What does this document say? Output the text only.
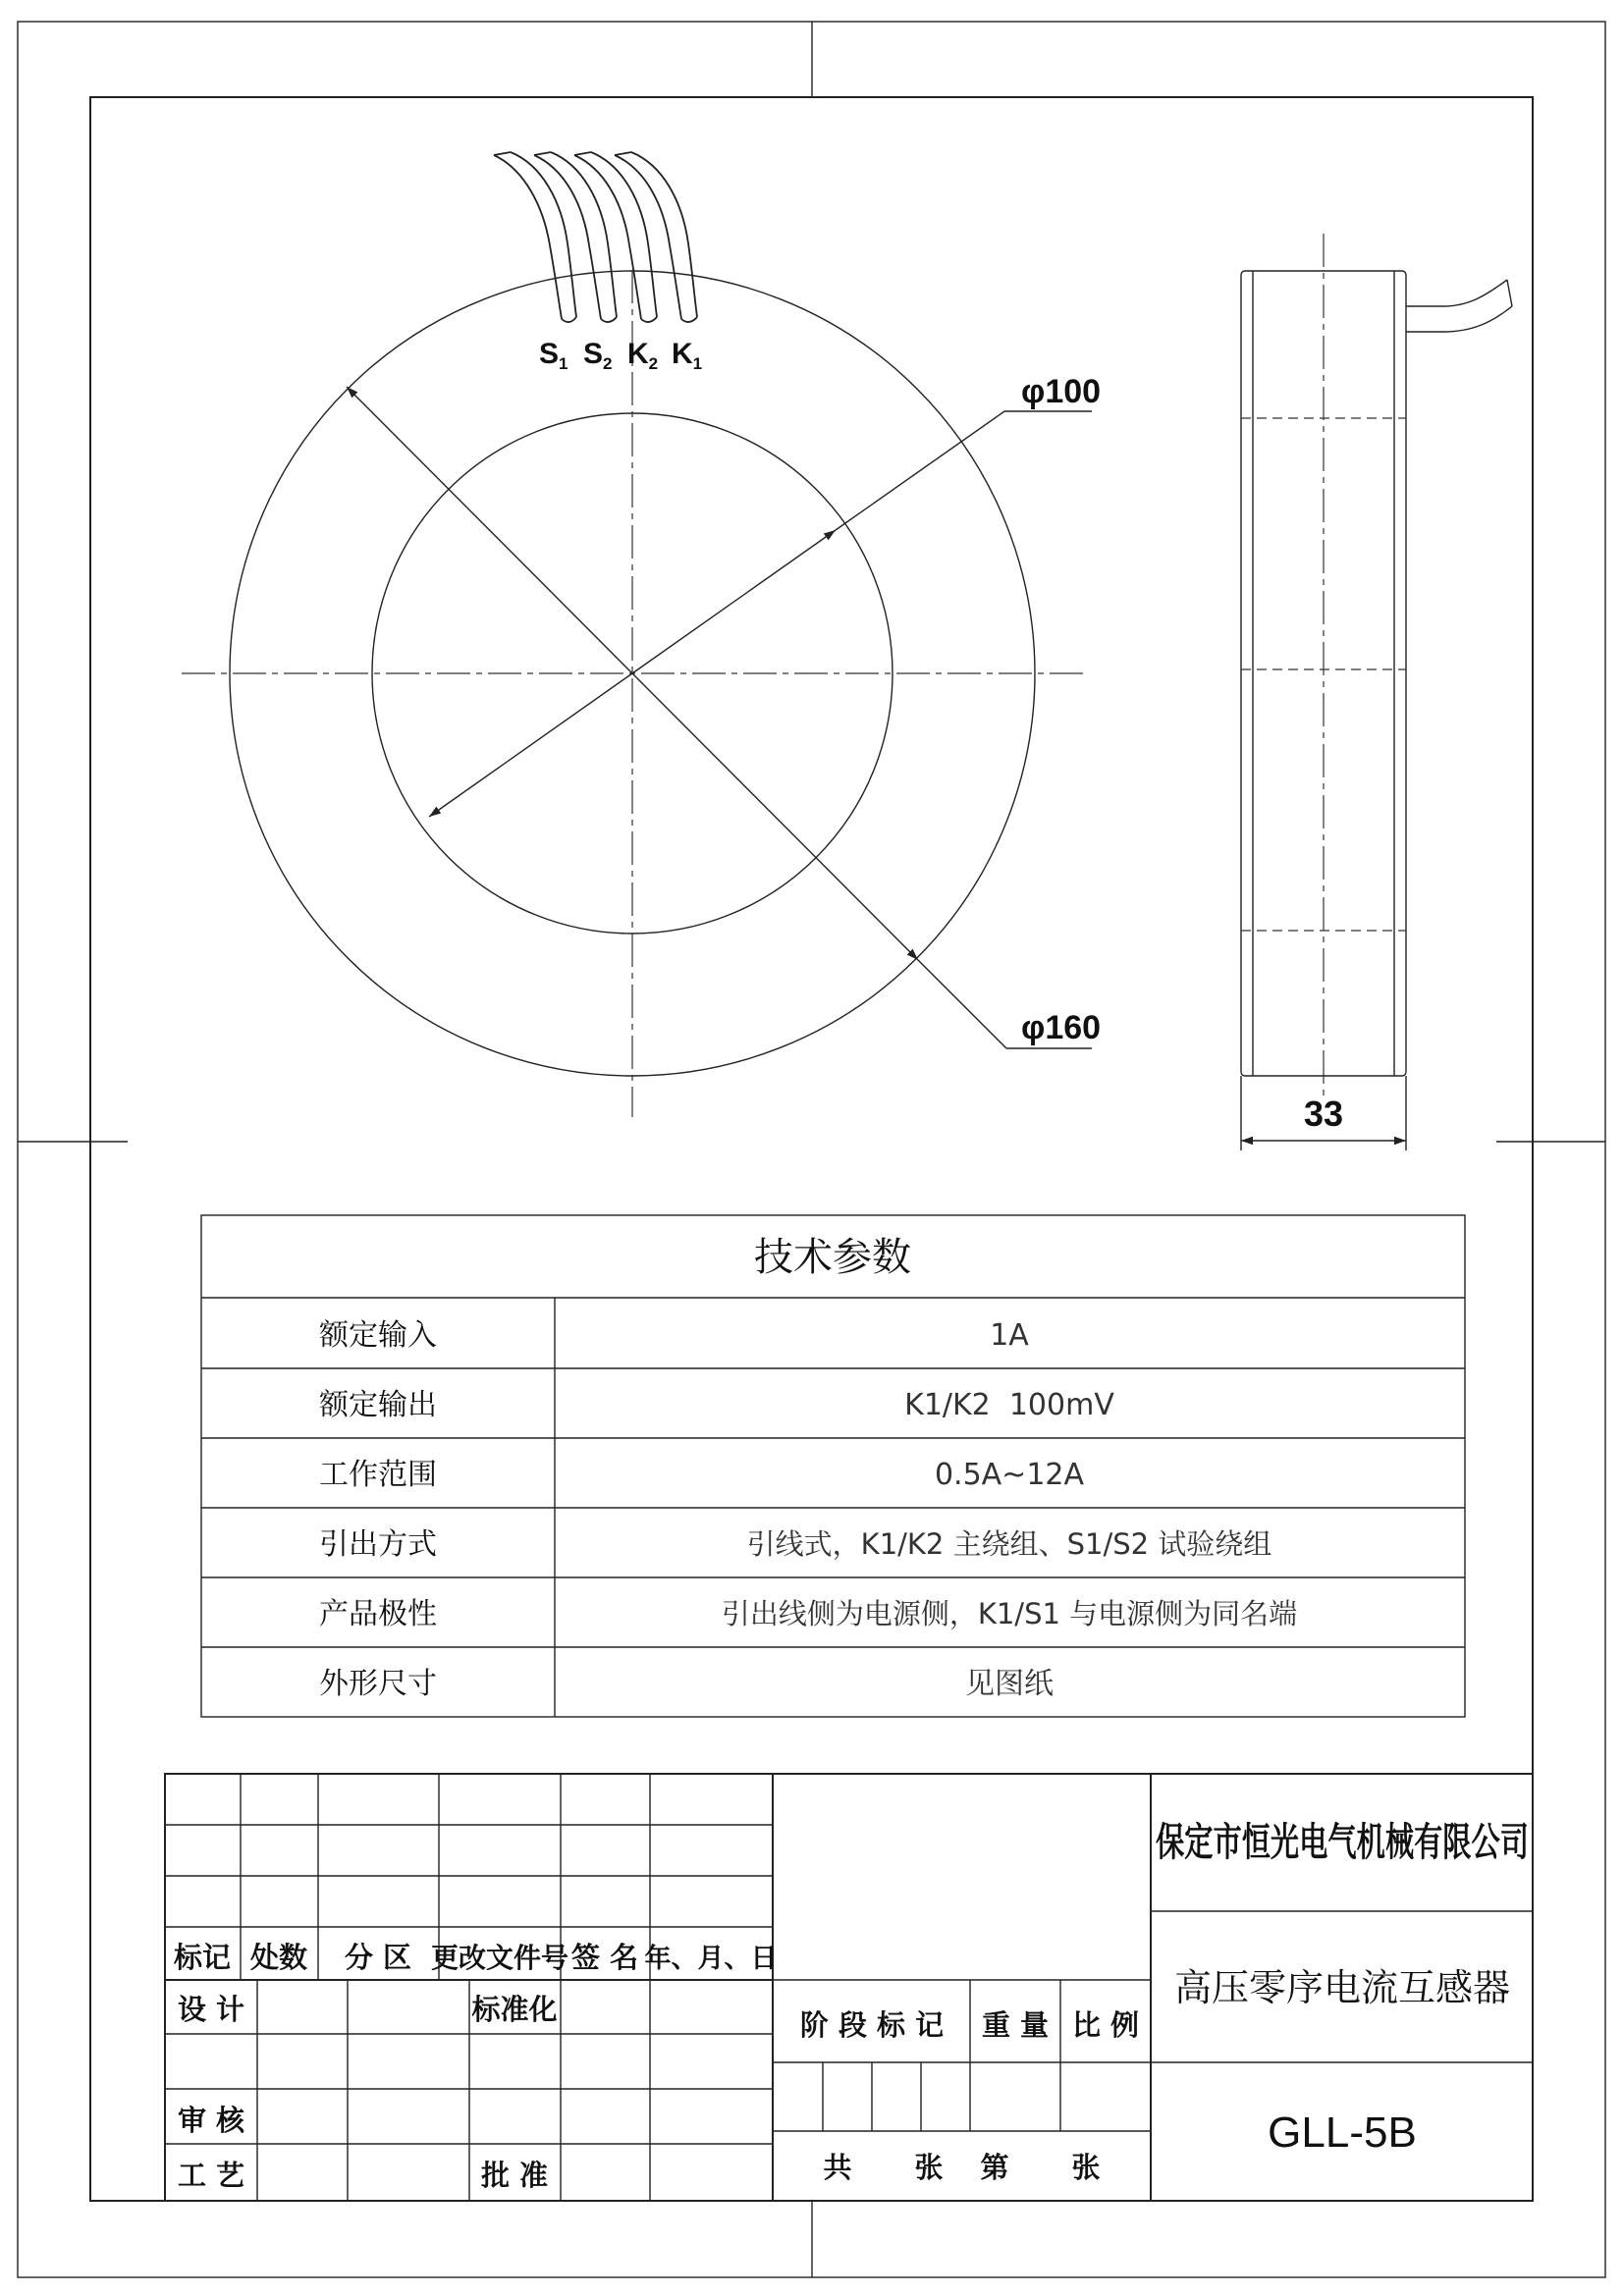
$S_1$ $S_2$ $K_2$ $K_1$
φ100
φ160
33
技术参数
额定输入	1A
额定输出	K1/K2  100mV
工作范围	0.5A~12A
引出方式	引线式，K1/K2 主绕组、S1/S2 试验绕组
产品极性	引出线侧为电源侧，K1/S1 与电源侧为同名端
外形尺寸	见图纸
标记 处数 分 区 更改文件号 签 名 年、月、日
设 计	标准化
审 核
工 艺	批 准
阶 段 标 记 重 量 比 例
共 张 第 张
保定市恒光电气机械有限公司
高压零序电流互感器
GLL-5B
